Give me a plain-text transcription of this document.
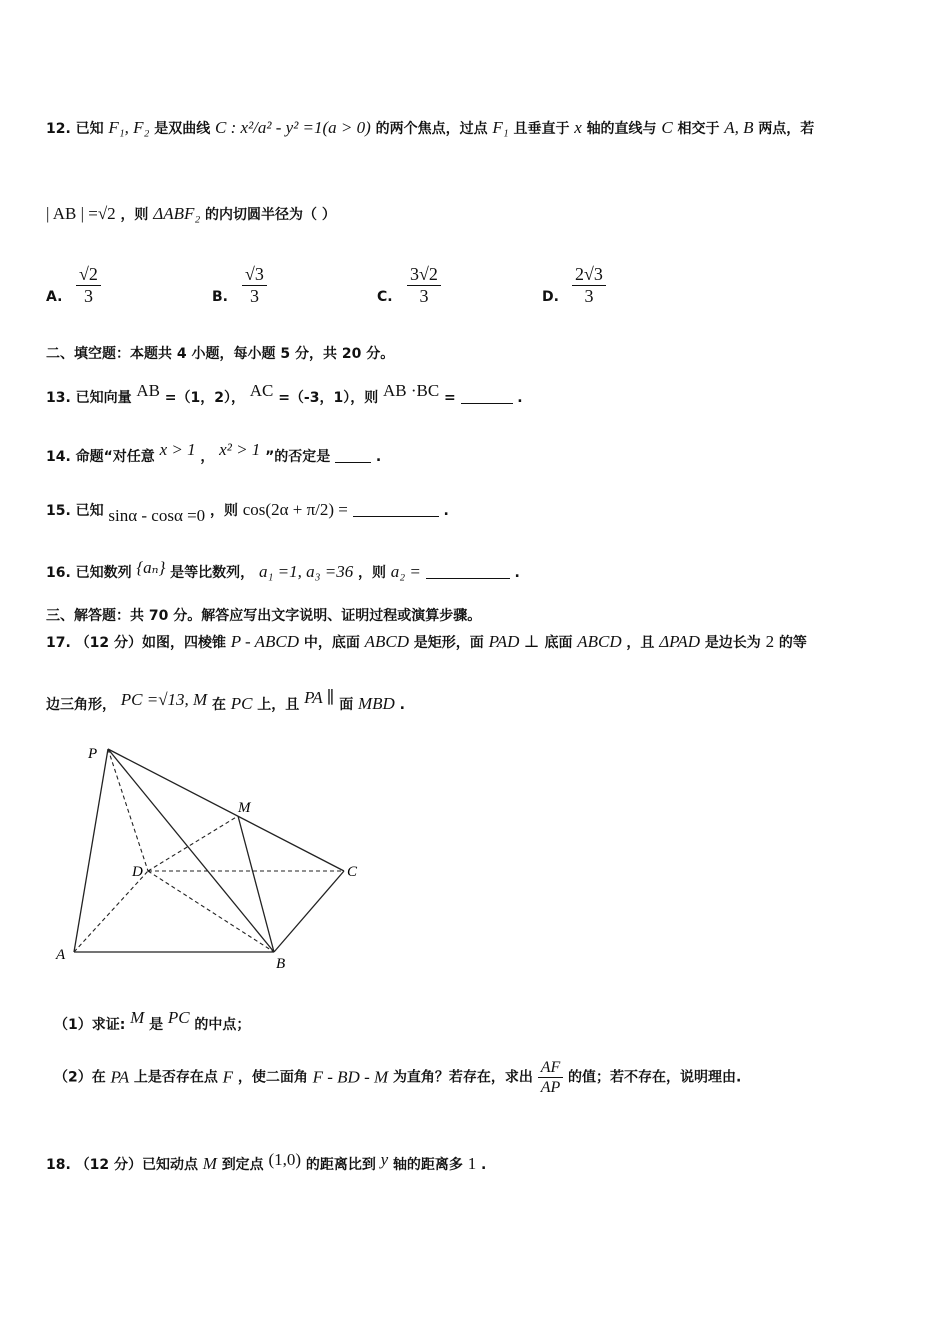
12. 已知 F₁, F₂ 是双曲线 C : x²/a² - y² =1(a > 0) 的两个焦点，过点 F₁ 且垂直于 x 轴的直线与 C 相交于 A, B 两点，若
| AB | =√2 ，则 ΔABF₂ 的内切圆半径为（ ）
A. $\frac{√2}{3}$	B. $\frac{√3}{3}$	C. $\frac{3√2}{3}$	D. $\frac{2√3}{3}$
二、填空题：本题共 4 小题，每小题 5 分，共 20 分。
13. 已知向量 AB =（1，2）， AC =（-3，1），则 AB ·BC =	.
14. 命题“对任意 x > 1 ， x² > 1 ”的否定是	.
15. 已知 sinα - cosα =0 ，则 cos(2α + π/2) =	.
16. 已知数列 {aₙ} 是等比数列， a₁ =1, a₃ =36 ，则 a₂ =	.
三、解答题：共 70 分。解答应写出文字说明、证明过程或演算步骤。
17. （12 分）如图，四棱锥 P - ABCD 中，底面 ABCD 是矩形，面 PAD ⊥ 底面 ABCD ，且 ΔPAD 是边长为 2 的等
边三角形， PC =√13, M 在 PC 上，且 PA ∥ 面 MBD .
P
M
D	C
A
B
（1）求证: M 是 PC 的中点；
（2）在 PA 上是否存在点 F ，使二面角 F - BD - M 为直角？若存在，求出 $\frac{AF}{AP}$ 的值；若不存在，说明理由.
18. （12 分）已知动点 M 到定点 (1,0) 的距离比到 y 轴的距离多 1 .
